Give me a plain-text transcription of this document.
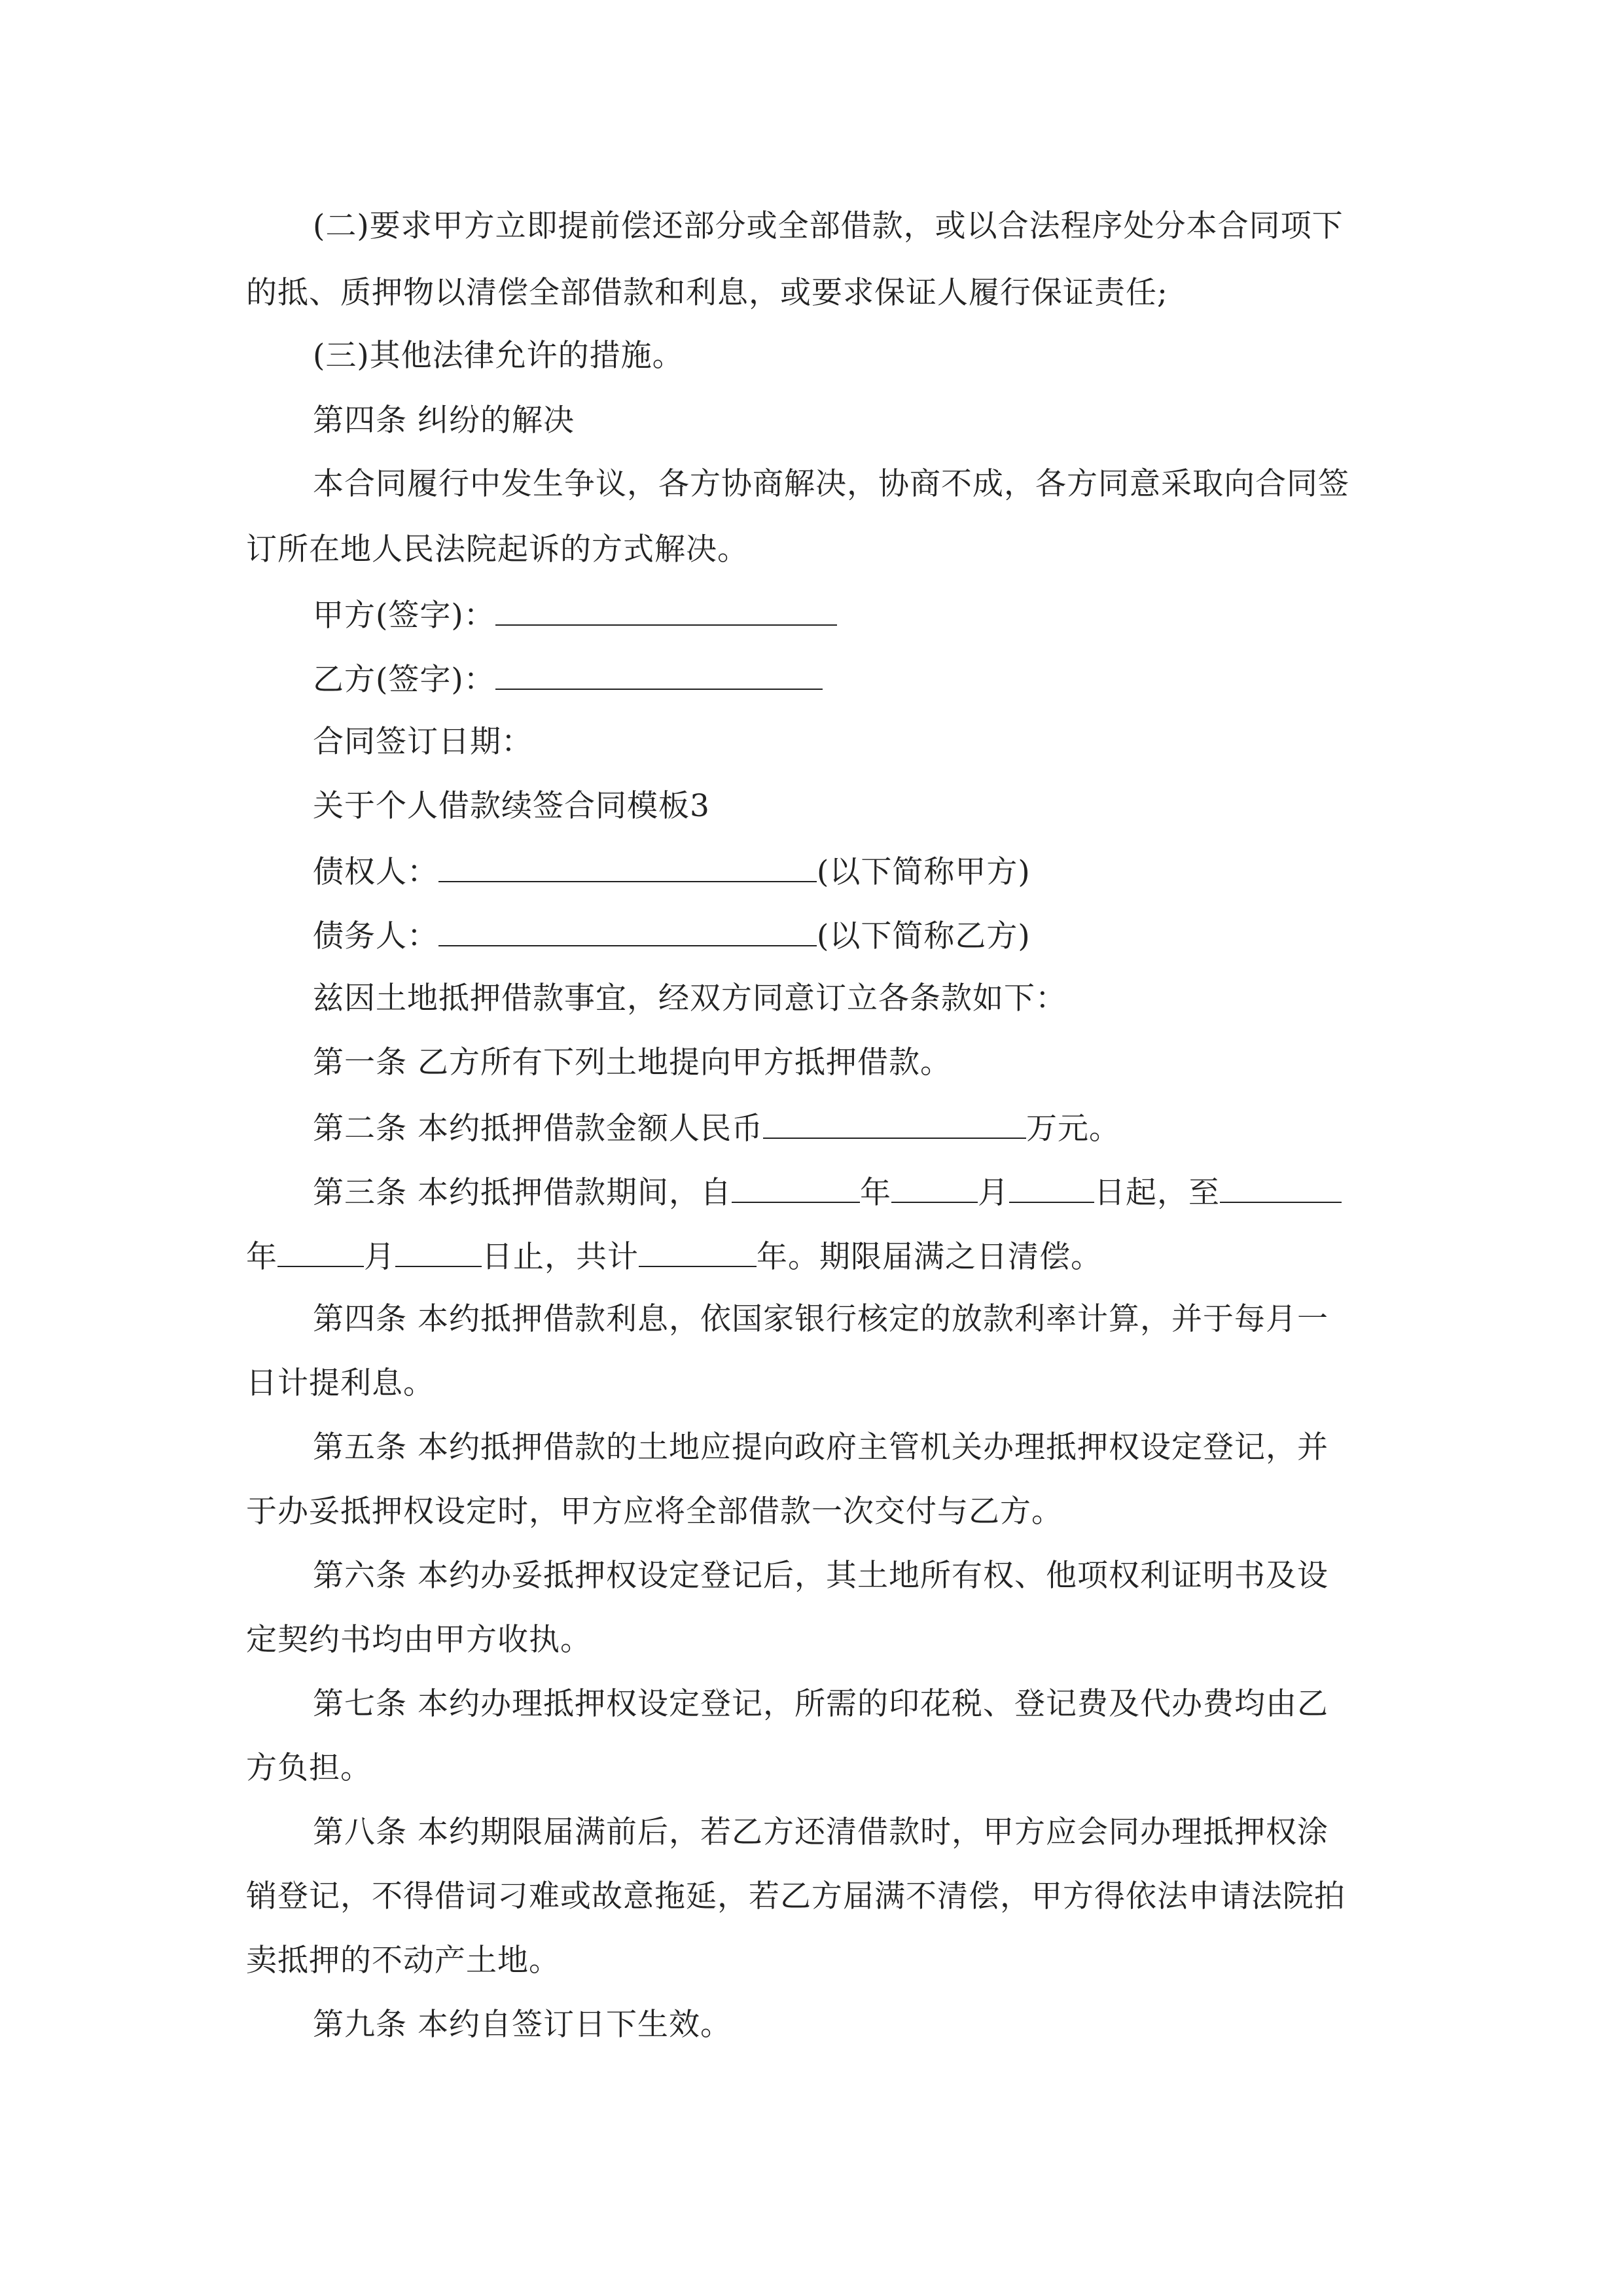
(二)要求甲方立即提前偿还部分或全部借款，或以合法程序处分本合同项下
的抵、质押物以清偿全部借款和利息，或要求保证人履行保证责任;
(三)其他法律允许的措施。
第四条 纠纷的解决
本合同履行中发生争议，各方协商解决，协商不成，各方同意采取向合同签
订所在地人民法院起诉的方式解决。
甲方(签字)：
乙方(签字)：
合同签订日期：
关于个人借款续签合同模板3
债权人：	(以下简称甲方)
债务人：	(以下简称乙方)
兹因土地抵押借款事宜，经双方同意订立各条款如下：
第一条 乙方所有下列土地提向甲方抵押借款。
第二条 本约抵押借款金额人民币	万元。
第三条 本约抵押借款期间，自	年	月	日起，至
年	月	日止，共计	年。期限届满之日清偿。
第四条 本约抵押借款利息，依国家银行核定的放款利率计算，并于每月一
日计提利息。
第五条 本约抵押借款的土地应提向政府主管机关办理抵押权设定登记，并
于办妥抵押权设定时，甲方应将全部借款一次交付与乙方。
第六条 本约办妥抵押权设定登记后，其土地所有权、他项权利证明书及设
定契约书均由甲方收执。
第七条 本约办理抵押权设定登记，所需的印花税、登记费及代办费均由乙
方负担。
第八条 本约期限届满前后，若乙方还清借款时，甲方应会同办理抵押权涂
销登记，不得借词刁难或故意拖延，若乙方届满不清偿，甲方得依法申请法院拍
卖抵押的不动产土地。
第九条 本约自签订日下生效。
